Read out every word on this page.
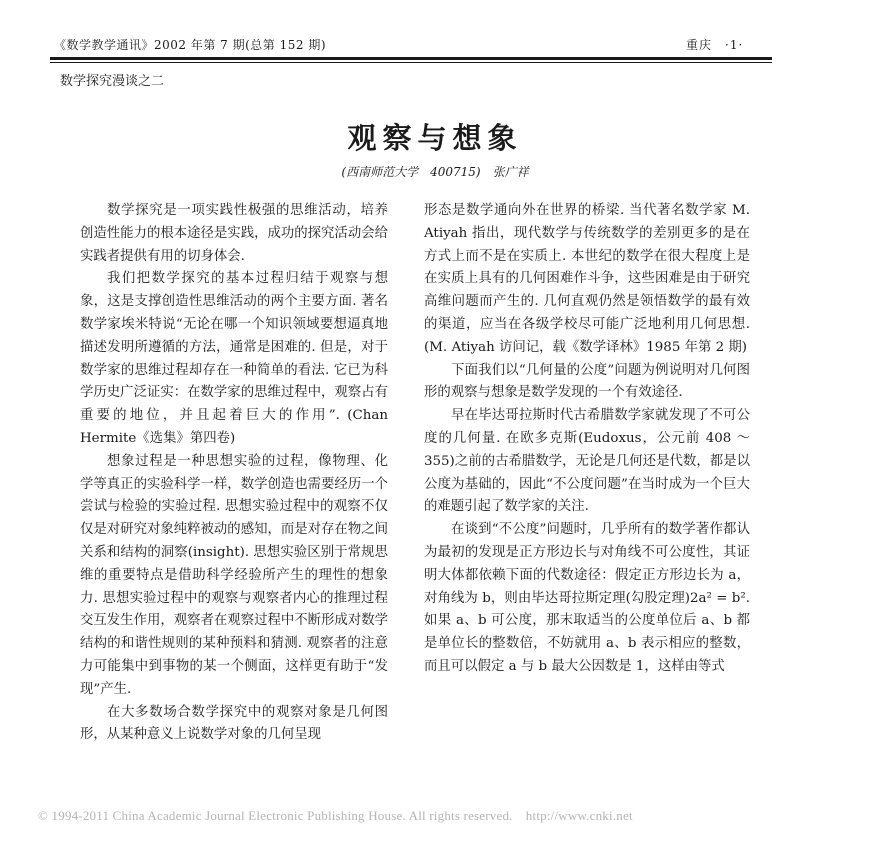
《数学教学通讯》2002 年第 7 期(总第 152 期)	重庆　·1·
数学探究漫谈之二
观察与想象
(西南师范大学　400715)　张广祥

数学探究是一项实践性极强的思维活动，培养创造性能力的根本途径是实践，成功的探究活动会给实践者提供有用的切身体会.

我们把数学探究的基本过程归结于观察与想象，这是支撑创造性思维活动的两个主要方面. 著名数学家埃米特说“无论在哪一个知识领域要想逼真地描述发明所遵循的方法，通常是困难的. 但是，对于数学家的思维过程却存在一种简单的看法. 它已为科学历史广泛证实：在数学家的思维过程中，观察占有重要的地位，并且起着巨大的作用”. (Chan Hermite《选集》第四卷)

想象过程是一种思想实验的过程，像物理、化学等真正的实验科学一样，数学创造也需要经历一个尝试与检验的实验过程. 思想实验过程中的观察不仅仅是对研究对象纯粹被动的感知，而是对存在物之间关系和结构的洞察(insight). 思想实验区别于常规思维的重要特点是借助科学经验所产生的理性的想象力. 思想实验过程中的观察与观察者内心的推理过程交互发生作用，观察者在观察过程中不断形成对数学结构的和谐性规则的某种预料和猜测. 观察者的注意力可能集中到事物的某一个侧面，这样更有助于“发现”产生.

在大多数场合数学探究中的观察对象是几何图形，从某种意义上说数学对象的几何呈现

形态是数学通向外在世界的桥梁. 当代著名数学家 M. Atiyah 指出，现代数学与传统数学的差别更多的是在方式上而不是在实质上. 本世纪的数学在很大程度上是在实质上具有的几何困难作斗争，这些困难是由于研究高维问题而产生的. 几何直观仍然是领悟数学的最有效的渠道，应当在各级学校尽可能广泛地利用几何思想. (M. Atiyah 访问记，载《数学译林》1985 年第 2 期)

下面我们以“几何量的公度”问题为例说明对几何图形的观察与想象是数学发现的一个有效途径.

早在毕达哥拉斯时代古希腊数学家就发现了不可公度的几何量. 在欧多克斯(Eudoxus，公元前 408 ～ 355)之前的古希腊数学，无论是几何还是代数，都是以公度为基础的，因此“不公度问题”在当时成为一个巨大的难题引起了数学家的关注.

在谈到“不公度”问题时，几乎所有的数学著作都认为最初的发现是正方形边长与对角线不可公度性，其证明大体都依赖下面的代数途径：假定正方形边长为 a，对角线为 b，则由毕达哥拉斯定理(勾股定理)2a² = b². 如果 a、b 可公度，那末取适当的公度单位后 a、b 都是单位长的整数倍，不妨就用 a、b 表示相应的整数，而且可以假定 a 与 b 最大公因数是 1，这样由等式

© 1994-2011 China Academic Journal Electronic Publishing House. All rights reserved.　http://www.cnki.net
